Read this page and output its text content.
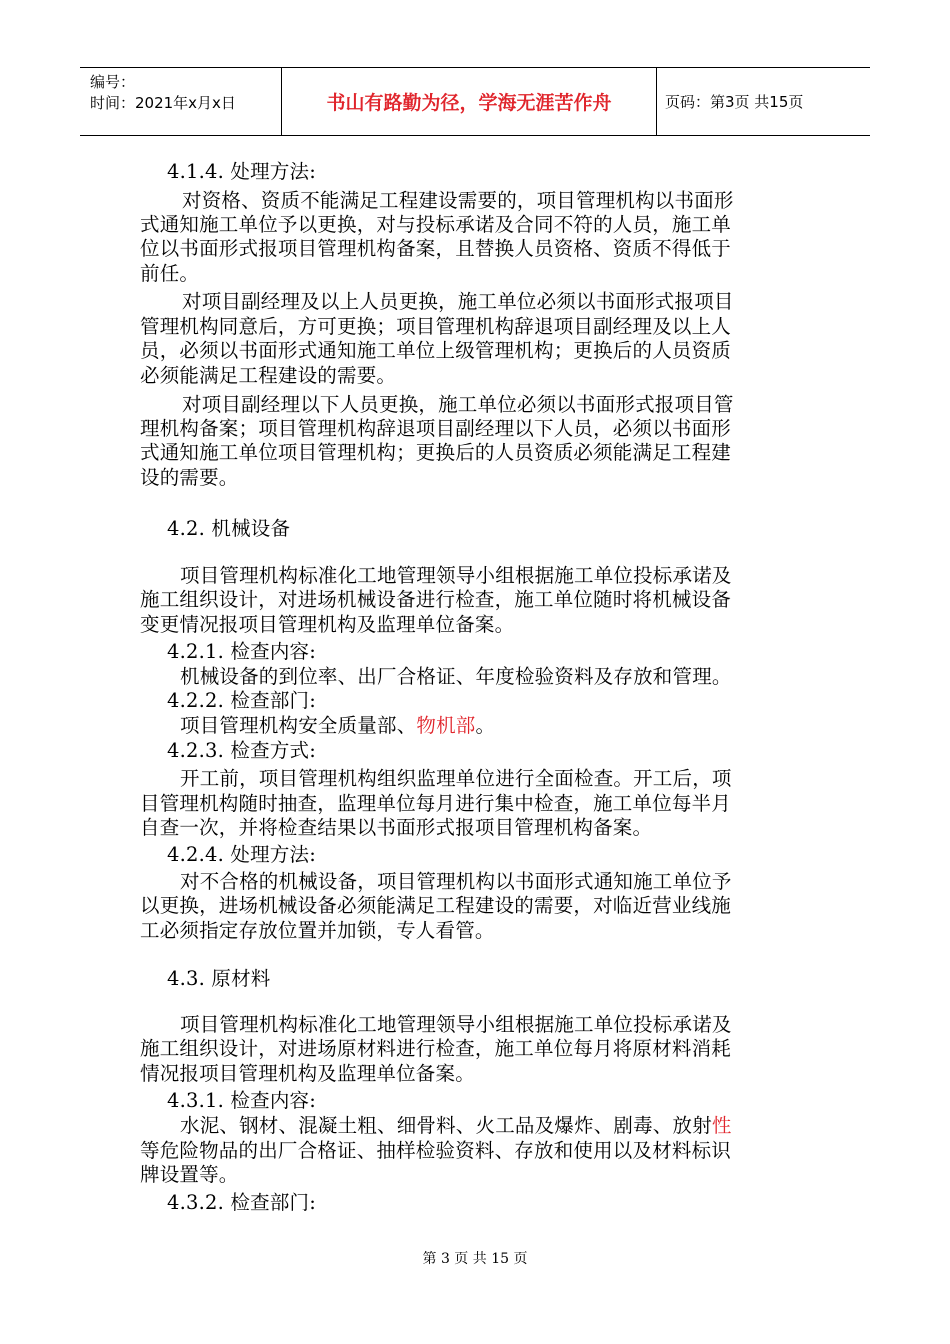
编号：
时间：2021年x月x日	书山有路勤为径，学海无涯苦作舟	页码：第3页 共15页
4.1.4. 处理方法:
对资格、资质不能满足工程建设需要的，项目管理机构以书面形
式通知施工单位予以更换，对与投标承诺及合同不符的人员，施工单
位以书面形式报项目管理机构备案，且替换人员资格、资质不得低于
前任。
对项目副经理及以上人员更换，施工单位必须以书面形式报项目
管理机构同意后，方可更换；项目管理机构辞退项目副经理及以上人
员，必须以书面形式通知施工单位上级管理机构；更换后的人员资质
必须能满足工程建设的需要。
对项目副经理以下人员更换，施工单位必须以书面形式报项目管
理机构备案；项目管理机构辞退项目副经理以下人员，必须以书面形
式通知施工单位项目管理机构；更换后的人员资质必须能满足工程建
设的需要。
4.2. 机械设备
项目管理机构标准化工地管理领导小组根据施工单位投标承诺及
施工组织设计，对进场机械设备进行检查，施工单位随时将机械设备
变更情况报项目管理机构及监理单位备案。
4.2.1. 检查内容:
机械设备的到位率、出厂合格证、年度检验资料及存放和管理。
4.2.2. 检查部门:
项目管理机构安全质量部、物机部。
4.2.3. 检查方式:
开工前，项目管理机构组织监理单位进行全面检查。开工后，项
目管理机构随时抽查，监理单位每月进行集中检查，施工单位每半月
自查一次，并将检查结果以书面形式报项目管理机构备案。
4.2.4. 处理方法:
对不合格的机械设备，项目管理机构以书面形式通知施工单位予
以更换，进场机械设备必须能满足工程建设的需要，对临近营业线施
工必须指定存放位置并加锁，专人看管。
4.3. 原材料
项目管理机构标准化工地管理领导小组根据施工单位投标承诺及
施工组织设计，对进场原材料进行检查，施工单位每月将原材料消耗
情况报项目管理机构及监理单位备案。
4.3.1. 检查内容:
水泥、钢材、混凝土粗、细骨料、火工品及爆炸、剧毒、放射性
等危险物品的出厂合格证、抽样检验资料、存放和使用以及材料标识
牌设置等。
4.3.2. 检查部门:
第 3 页 共 15 页
